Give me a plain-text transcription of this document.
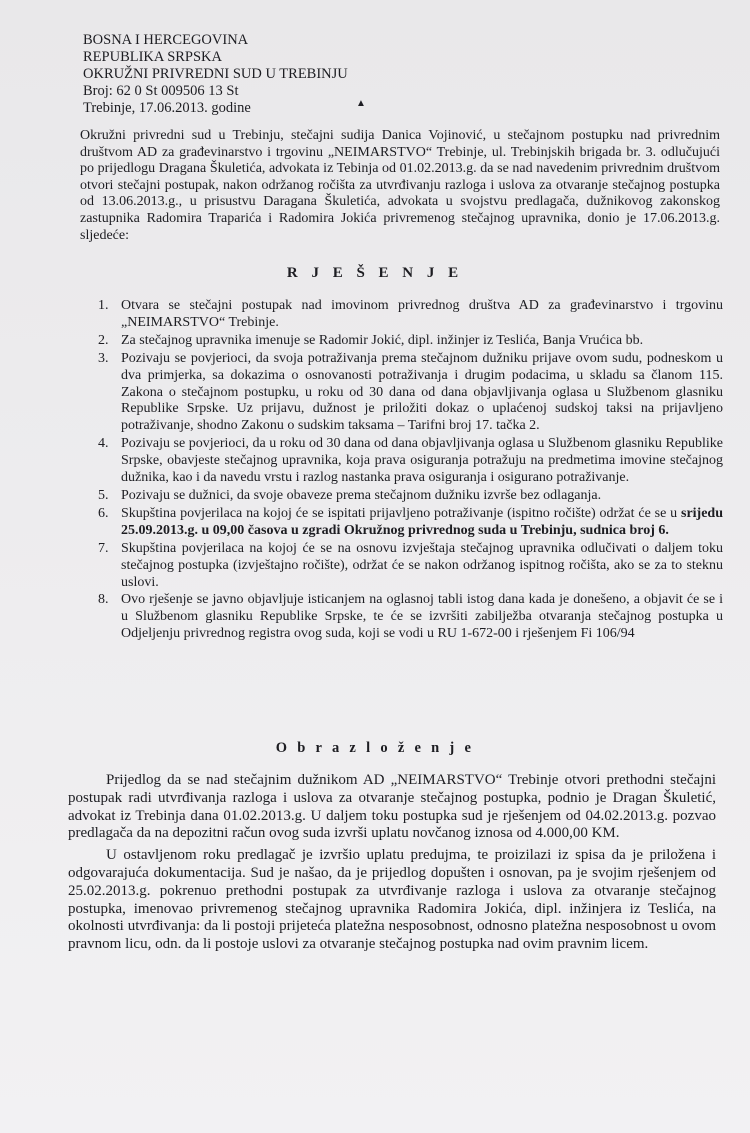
BOSNA I HERCEGOVINA
REPUBLIKA SRPSKA
OKRUŽNI PRIVREDNI SUD U TREBINJU
Broj: 62 0 St 009506 13 St
Trebinje, 17.06.2013. godine	▲
Okružni privredni sud u Trebinju, stečajni sudija Danica Vojinović, u stečajnom postupku nad privrednim društvom AD za građevinarstvo i trgovinu „NEIMARSTVO“ Trebinje, ul. Trebinjskih brigada br. 3. odlučujući po prijedlogu Dragana Škuletića, advokata iz Tebinja od 01.02.2013.g. da se nad navedenim privrednim društvom otvori stečajni postupak, nakon održanog ročišta za utvrđivanju razloga i uslova za otvaranje stečajnog postupka od 13.06.2013.g., u prisustvu Daragana Škuletića, advokata u svojstvu predlagača, dužnikovog zakonskog zastupnika Radomira Traparića i Radomira Jokića privremenog stečajnog upravnika, donio je 17.06.2013.g. sljedeće:
R J E Š E N J E
1. Otvara se stečajni postupak nad imovinom privrednog društva AD za građevinarstvo i trgovinu „NEIMARSTVO“ Trebinje.
2. Za stečajnog upravnika imenuje se Radomir Jokić, dipl. inžinjer iz Teslića, Banja Vrućica bb.
3. Pozivaju se povjerioci, da svoja potraživanja prema stečajnom dužniku prijave ovom sudu, podneskom u dva primjerka, sa dokazima o osnovanosti potraživanja i drugim podacima, u skladu sa članom 115. Zakona o stečajnom postupku, u roku od 30 dana od dana objavljivanja oglasa u Službenom glasniku Republike Srpske. Uz prijavu, dužnost je priložiti dokaz o uplaćenoj sudskoj taksi na prijavljeno potraživanje, shodno Zakonu o sudskim taksama – Tarifni broj 17. tačka 2.
4. Pozivaju se povjerioci, da u roku od 30 dana od dana objavljivanja oglasa u Službenom glasniku Republike Srpske, obavjeste stečajnog upravnika, koja prava osiguranja potražuju na predmetima imovine stečajnog dužnika, kao i da navedu vrstu i razlog nastanka prava osiguranja i osigurano potraživanje.
5. Pozivaju se dužnici, da svoje obaveze prema stečajnom dužniku izvrše bez odlaganja.
6. Skupština povjerilaca na kojoj će se ispitati prijavljeno potraživanje (ispitno ročište) održat će se u srijedu 25.09.2013.g. u 09,00 časova u zgradi Okružnog privrednog suda u Trebinju, sudnica broj 6.
7. Skupština povjerilaca na kojoj će se na osnovu izvještaja stečajnog upravnika odlučivati o daljem toku stečajnog postupka (izvještajno ročište), održat će se nakon održanog ispitnog ročišta, ako se za to steknu uslovi.
8. Ovo rješenje se javno objavljuje isticanjem na oglasnoj tabli istog dana kada je donešeno, a objavit će se i u Službenom glasniku Republike Srpske, te će se izvršiti zabilježba otvaranja stečajnog postupka u Odjeljenju privrednog registra ovog suda, koji se vodi u RU 1-672-00 i rješenjem Fi 106/94
O b r a z l o ž e n j e

Prijedlog da se nad stečajnim dužnikom AD „NEIMARSTVO“ Trebinje otvori prethodni stečajni postupak radi utvrđivanja razloga i uslova za otvaranje stečajnog postupka, podnio je Dragan Škuletić, advokat iz Trebinja dana 01.02.2013.g. U daljem toku postupka sud je rješenjem od 04.02.2013.g. pozvao predlagača da na depozitni račun ovog suda izvrši uplatu novčanog iznosa od 4.000,00 KM.

U ostavljenom roku predlagač je izvršio uplatu predujma, te proizilazi iz spisa da je priložena i odgovarajuća dokumentacija. Sud je našao, da je prijedlog dopušten i osnovan, pa je svojim rješenjem od 25.02.2013.g. pokrenuo prethodni postupak za utvrđivanje razloga i uslova za otvaranje stečajnog postupka, imenovao privremenog stečajnog upravnika Radomira Jokića, dipl. inžinjera iz Teslića, na okolnosti utvrđivanja: da li postoji prijeteća platežna nesposobnost, odnosno platežna nesposobnost u ovom pravnom licu, odn. da li postoje uslovi za otvaranje stečajnog postupka nad ovim pravnim licem.
